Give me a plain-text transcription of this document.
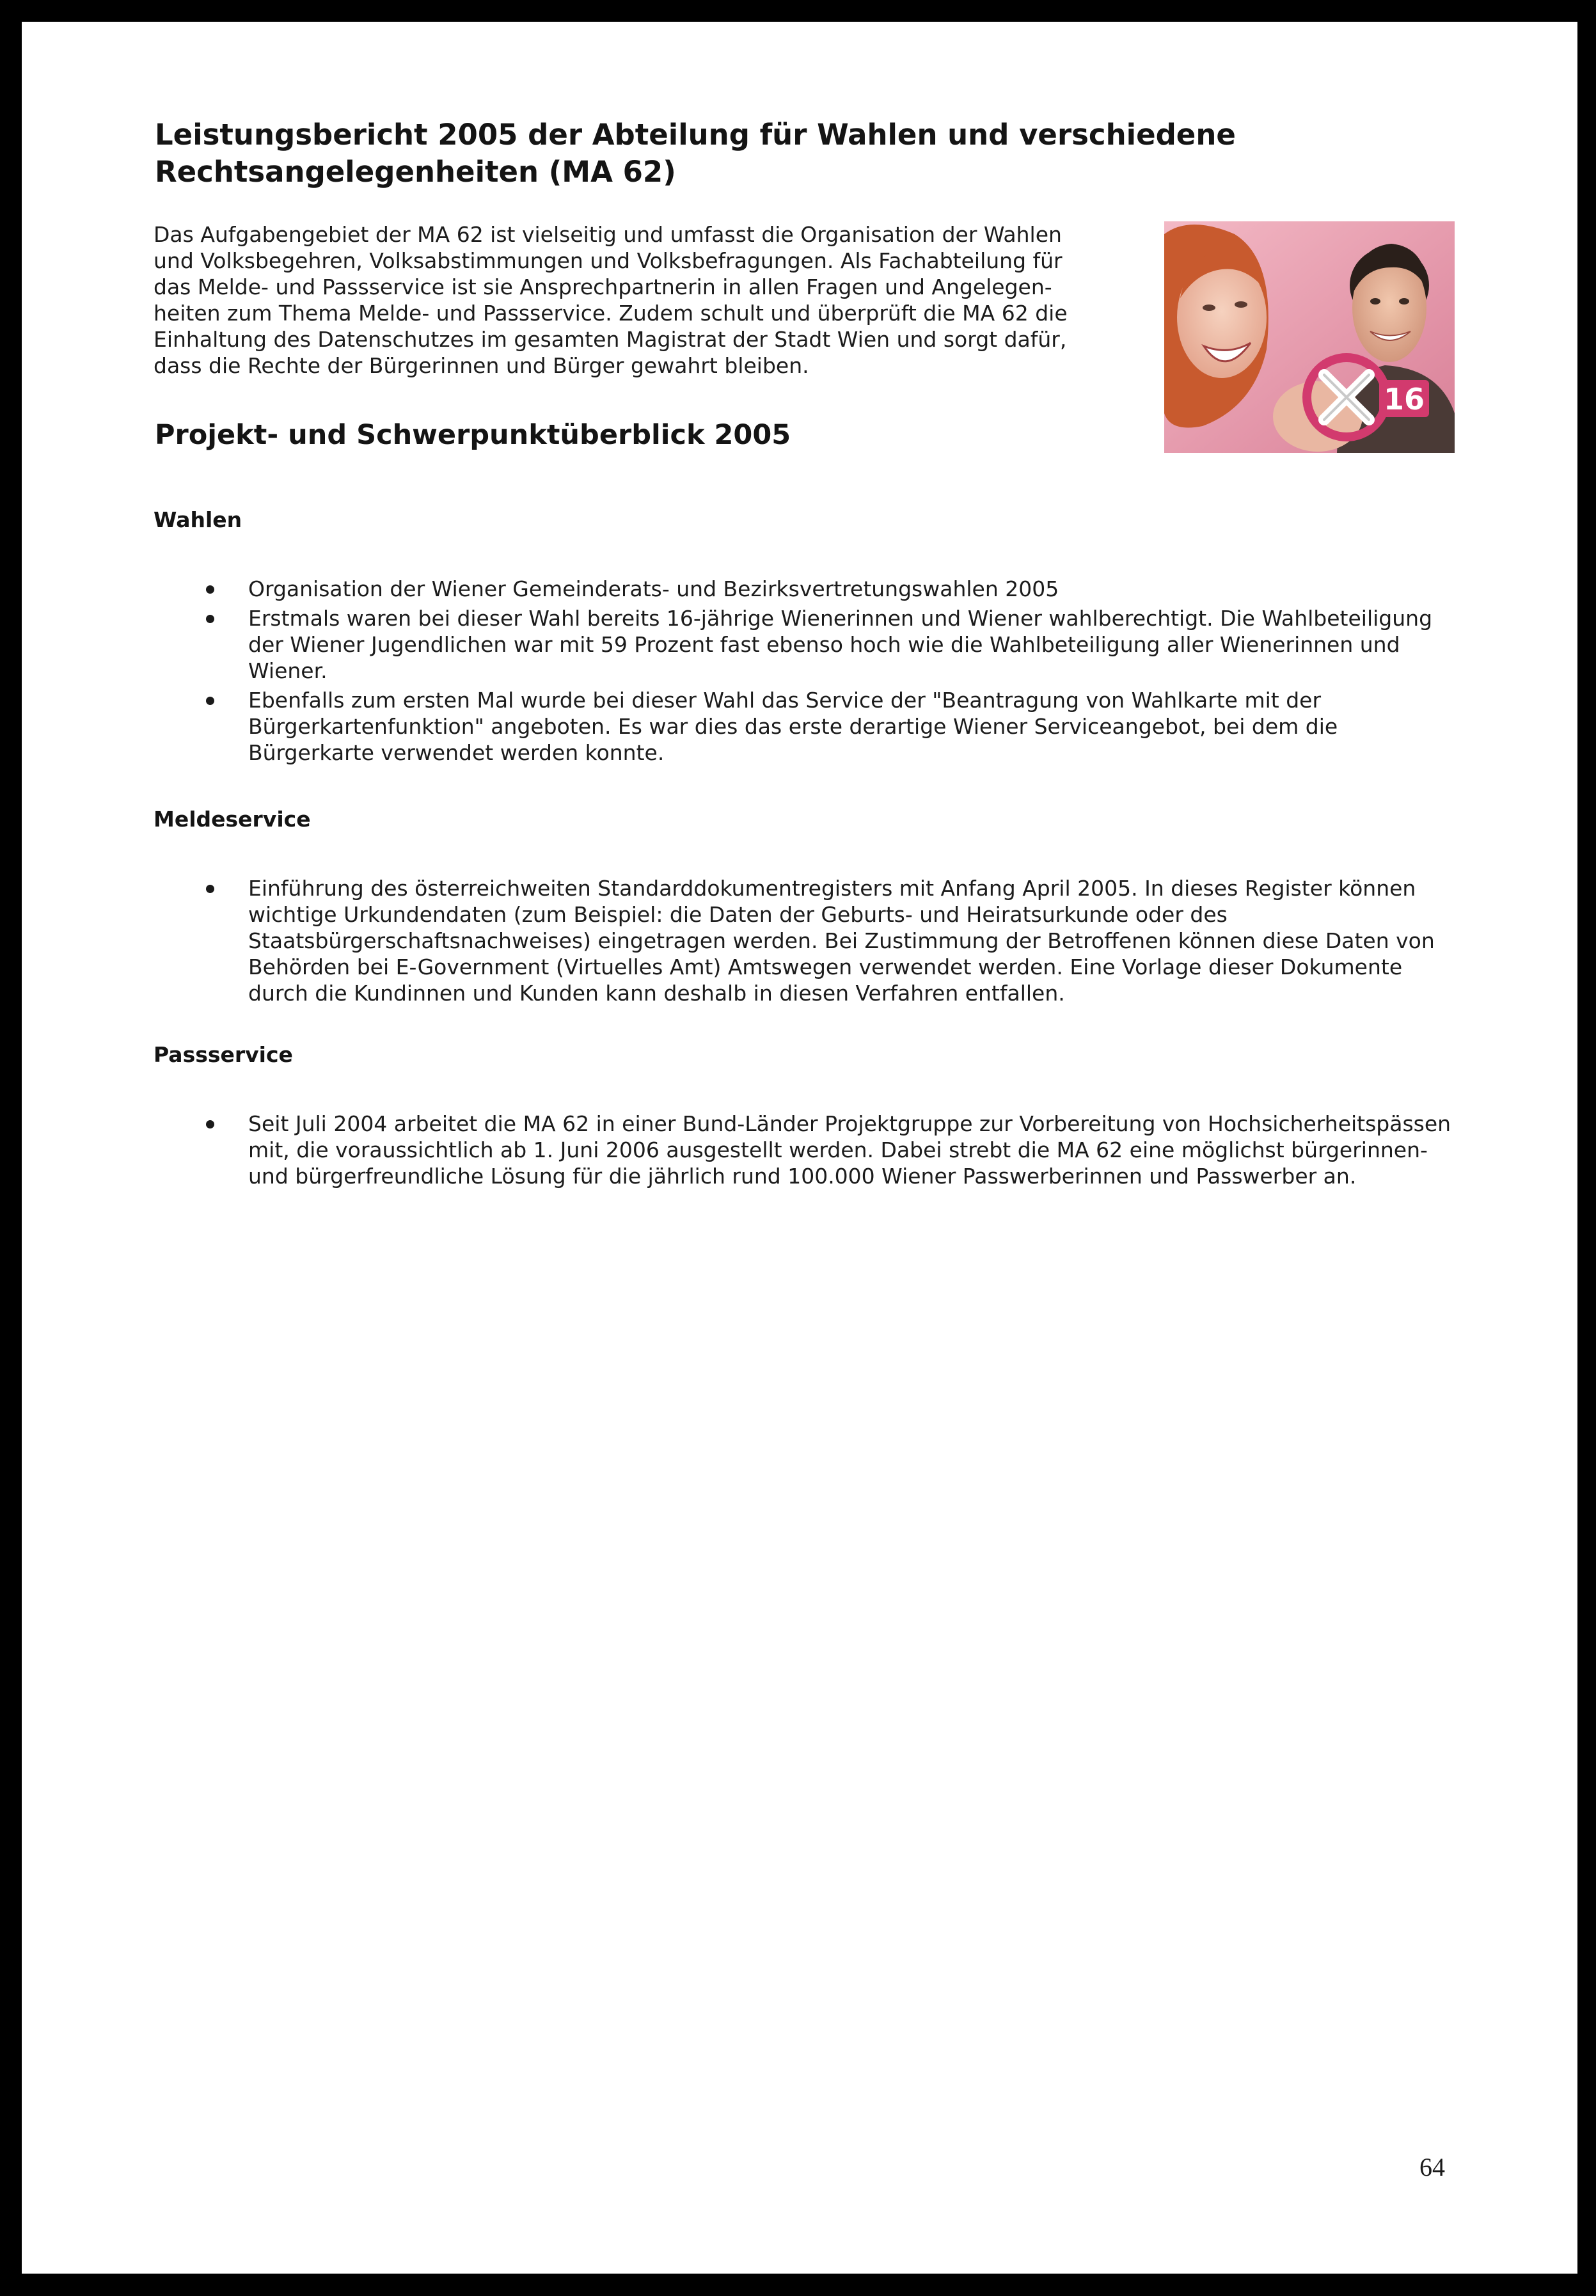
Leistungsbericht 2005 der Abteilung für Wahlen und verschiedene Rechtsangelegenheiten (MA 62)

Das Aufgabengebiet der MA 62 ist vielseitig und umfasst die Organisation der Wahlen und Volksbegehren, Volksabstimmungen und Volksbefragungen. Als Fachabteilung für das Melde- und Passservice ist sie Ansprechpartnerin in allen Fragen und Angelegen-heiten zum Thema Melde- und Passservice. Zudem schult und überprüft die MA 62 die Einhaltung des Datenschutzes im gesamten Magistrat der Stadt Wien und sorgt dafür, dass die Rechte der Bürgerinnen und Bürger gewahrt bleiben.

16
Projekt- und Schwerpunktüberblick 2005
Wahlen
Organisation der Wiener Gemeinderats- und Bezirksvertretungswahlen 2005
Erstmals waren bei dieser Wahl bereits 16-jährige Wienerinnen und Wiener wahlberechtigt. Die Wahlbeteiligung der Wiener Jugendlichen war mit 59 Prozent fast ebenso hoch wie die Wahlbeteiligung aller Wienerinnen und Wiener.
Ebenfalls zum ersten Mal wurde bei dieser Wahl das Service der "Beantragung von Wahlkarte mit der Bürgerkartenfunktion" angeboten. Es war dies das erste derartige Wiener Serviceangebot, bei dem die Bürgerkarte verwendet werden konnte.
Meldeservice
Einführung des österreichweiten Standarddokumentregisters mit Anfang April 2005. In dieses Register können wichtige Urkundendaten (zum Beispiel: die Daten der Geburts- und Heiratsurkunde oder des Staatsbürgerschaftsnachweises) eingetragen werden. Bei Zustimmung der Betroffenen können diese Daten von Behörden bei E-Government (Virtuelles Amt) Amtswegen verwendet werden. Eine Vorlage dieser Dokumente durch die Kundinnen und Kunden kann deshalb in diesen Verfahren entfallen.
Passservice
Seit Juli 2004 arbeitet die MA 62 in einer Bund-Länder Projektgruppe zur Vorbereitung von Hochsicherheitspässen mit, die voraussichtlich ab 1. Juni 2006 ausgestellt werden. Dabei strebt die MA 62 eine möglichst bürgerinnen- und bürgerfreundliche Lösung für die jährlich rund 100.000 Wiener Passwerberinnen und Passwerber an.
64
